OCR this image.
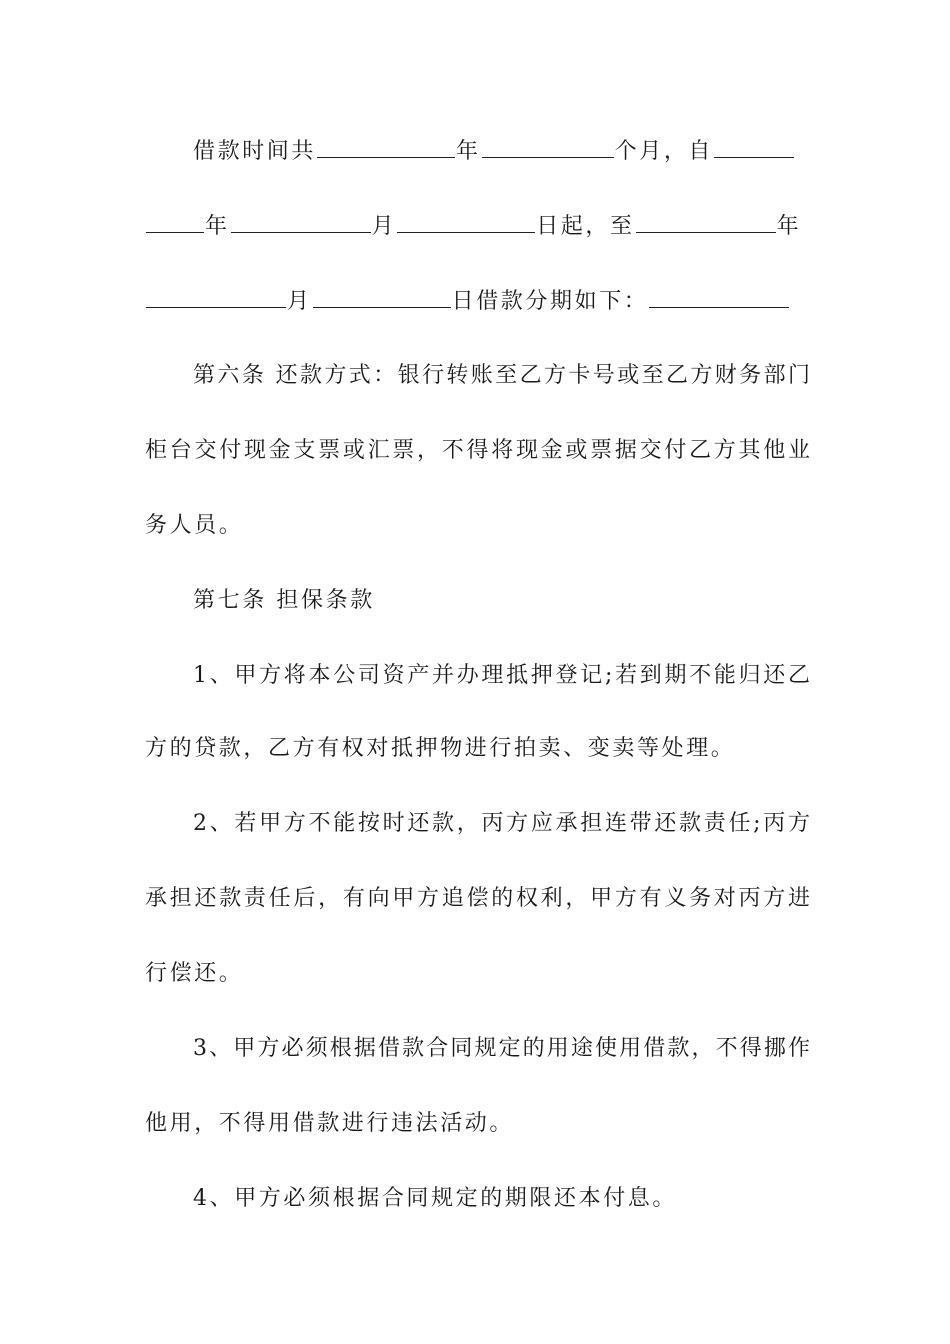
借款时间共	年	个月，自
年	月	日起，至	年
月	日借款分期如下：
第六条 还款方式：银行转账至乙方卡号或至乙方财务部门
柜台交付现金支票或汇票，不得将现金或票据交付乙方其他业
务人员。
第七条 担保条款
1、甲方将本公司资产并办理抵押登记;若到期不能归还乙
方的贷款，乙方有权对抵押物进行拍卖、变卖等处理。
2、若甲方不能按时还款，丙方应承担连带还款责任;丙方
承担还款责任后，有向甲方追偿的权利，甲方有义务对丙方进
行偿还。
3、甲方必须根据借款合同规定的用途使用借款，不得挪作
他用，不得用借款进行违法活动。
4、甲方必须根据合同规定的期限还本付息。
